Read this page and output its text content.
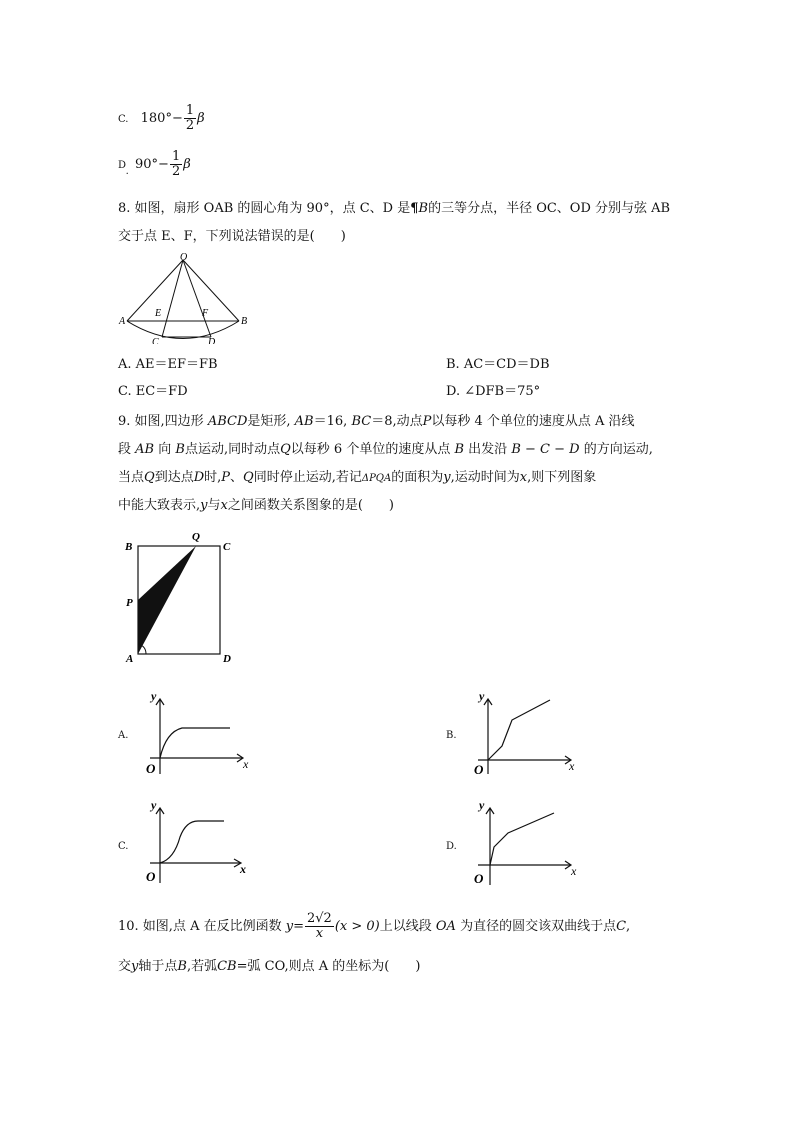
C. $180^\circ- \frac{1}{2}$ β
$D_.$ $90^\circ- \frac{1}{2}$ β
8. 如图，扇形 OAB 的圆心角为 90°，点 C、D 是¶B的三等分点，半径 OC、OD 分别与弦 AB
交于点 E、F，下列说法错误的是(　　)
O
A	B
E	F
C	D
A. AE＝EF＝FB	B. AC＝CD＝DB
C. EC＝FD	D. ∠DFB＝75°
9. 如图,四边形 ABCD是矩形, AB＝16, BC＝8,动点P以每秒 4 个单位的速度从点 A 沿线
段 AB 向 B点运动,同时动点Q以每秒 6 个单位的速度从点 B 出发沿 B − C − D 的方向运动,
当点Q到达点D时,P、Q同时停止运动,若记ΔPQA的面积为y,运动时间为x,则下列图象
中能大致表示,y与x之间函数关系图象的是(　　)
B
Q
C
P
A	D
A.
y
x
O
B.
y
x
O
C.
y
x
O
D.
y
x
O
10. 如图,点 A 在反比例函数 $y= \frac{2√2}{x} (x > 0)$上以线段 OA 为直径的圆交该双曲线于点C,
交y轴于点B,若弧CB=弧 CO,则点 A 的坐标为(　　)
